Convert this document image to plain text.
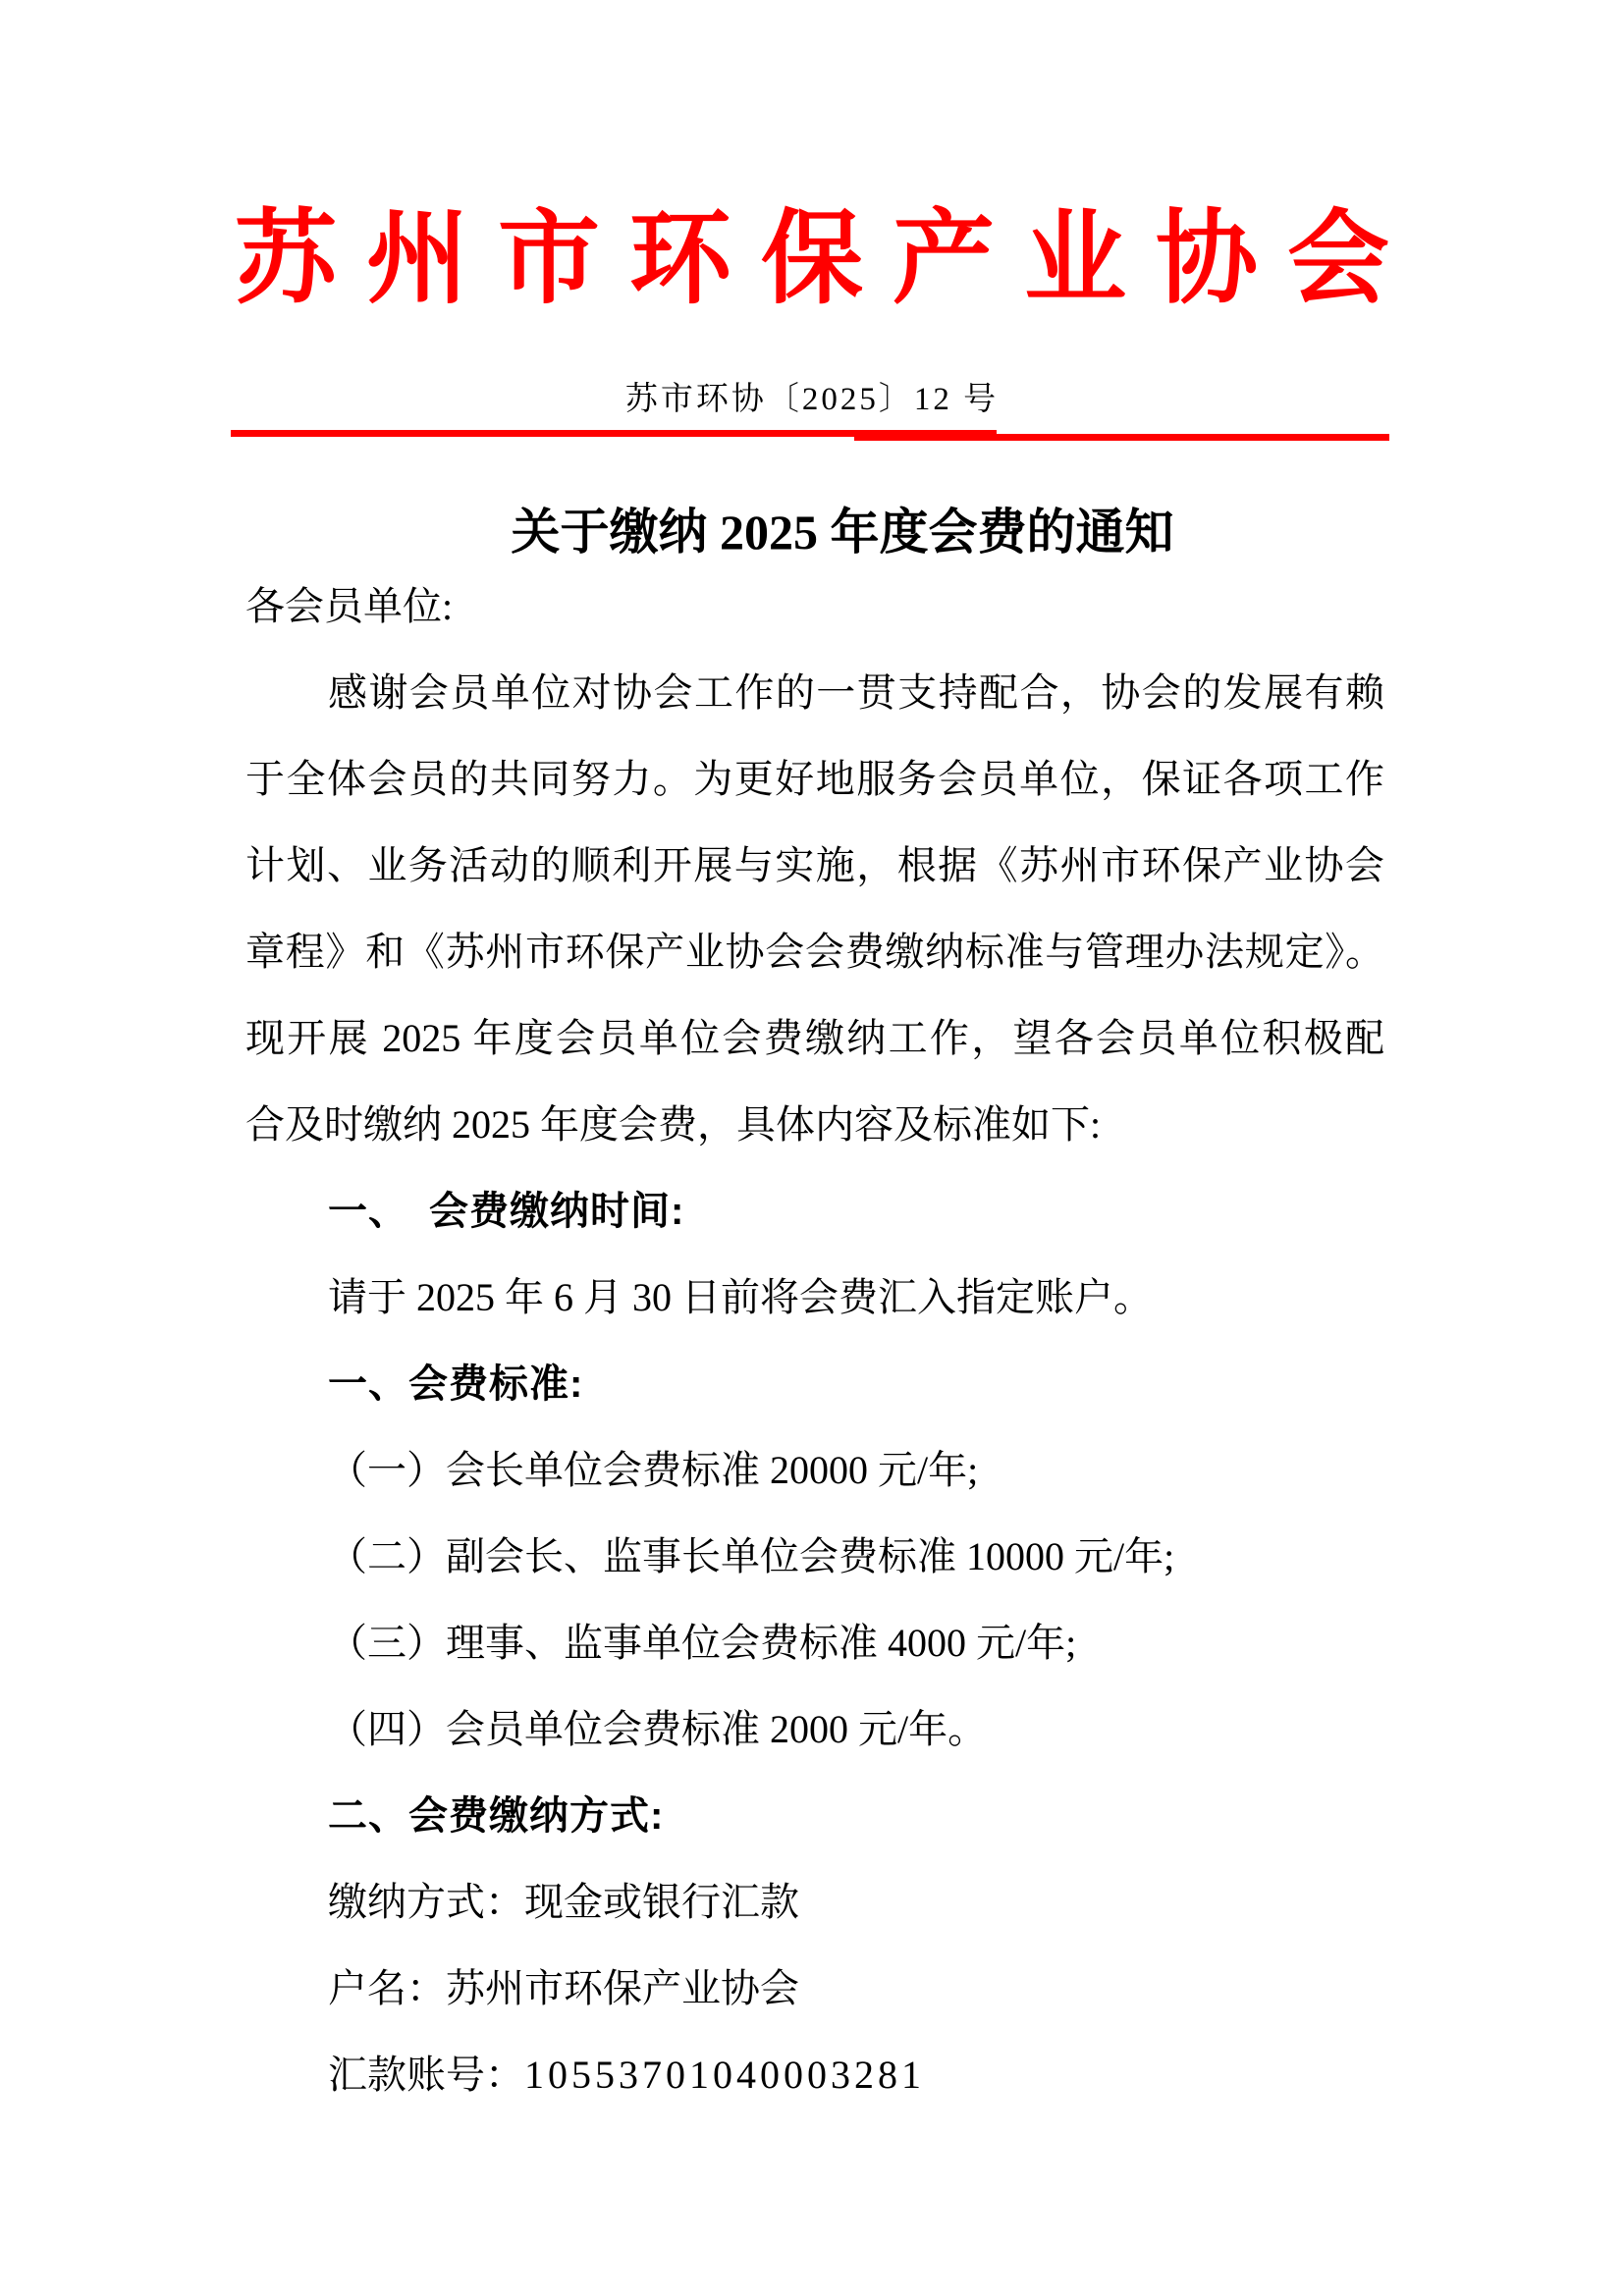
苏州市环保产业协会
苏市环协〔2025〕12 号
关于缴纳 2025 年度会费的通知
各会员单位:
感谢会员单位对协会工作的一贯支持配合，协会的发展有赖
于全体会员的共同努力。为更好地服务会员单位，保证各项工作
计划、业务活动的顺利开展与实施，根据《苏州市环保产业协会
章程》和《苏州市环保产业协会会费缴纳标准与管理办法规定》。
现开展 2025 年度会员单位会费缴纳工作，望各会员单位积极配
合及时缴纳 2025 年度会费，具体内容及标准如下:
一、　会费缴纳时间:
请于 2025 年 6 月 30 日前将会费汇入指定账户。
一、会费标准:
（一）会长单位会费标准 20000 元/年;
（二）副会长、监事长单位会费标准 10000 元/年;
（三）理事、监事单位会费标准 4000 元/年;
（四）会员单位会费标准 2000 元/年。
二、会费缴纳方式:
缴纳方式：现金或银行汇款
户名：苏州市环保产业协会
汇款账号：10553701040003281
